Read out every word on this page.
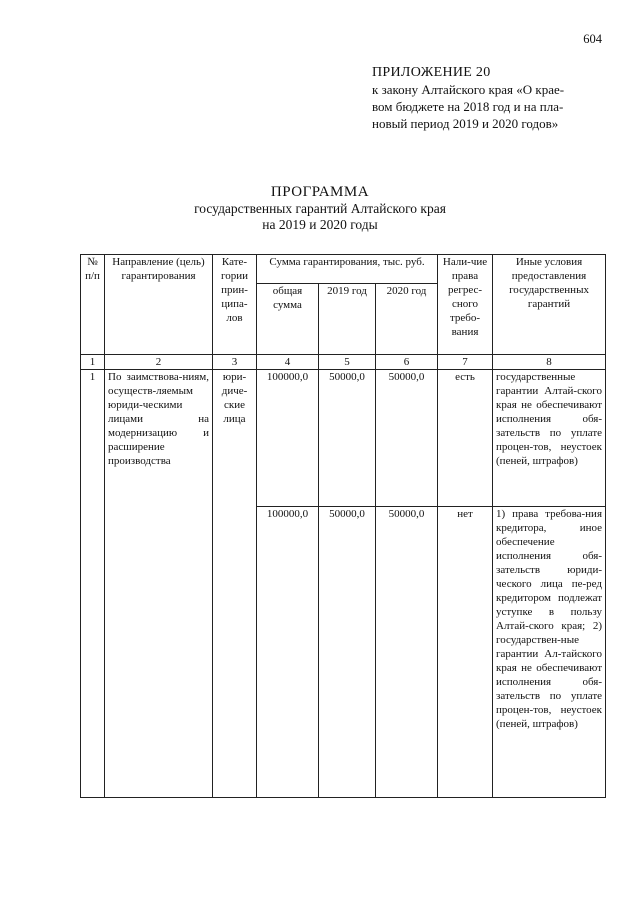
604
ПРИЛОЖЕНИЕ 20
к закону Алтайского края «О крае-
вом бюджете на 2018 год и на пла-
новый период 2019 и 2020 годов»
ПРОГРАММА
государственных гарантий Алтайского края
на 2019 и 2020 годы
№ п/п	Направление (цель) гарантирования	Кате-гории прин-ципа-лов	Сумма гарантирования, тыс. руб.			Нали-чие права регрес-сного требо-вания	Иные условия предоставления государственных гарантий
			общая сумма	2019 год	2020 год		
1	2	3	4	5	6	7	8
1	По заимствова-ниям, осуществ-ляемым юриди-ческими лицами на модернизацию и расширение производства	юри-диче-ские лица	100000,0	50000,0	50000,0	есть	государственные гарантии Алтай-ского края не обеспечивают исполнения обя-зательств по уплате процен-тов, неустоек (пеней, штрафов)
			100000,0	50000,0	50000,0	нет	1) права требова-ния кредитора, иное обеспечение исполнения обя-зательств юриди-ческого лица пе-ред кредитором подлежат уступке в пользу Алтай-ского края; 2) государствен-ные гарантии Ал-тайского края не обеспечивают исполнения обя-зательств по уплате процен-тов, неустоек (пеней, штрафов)
